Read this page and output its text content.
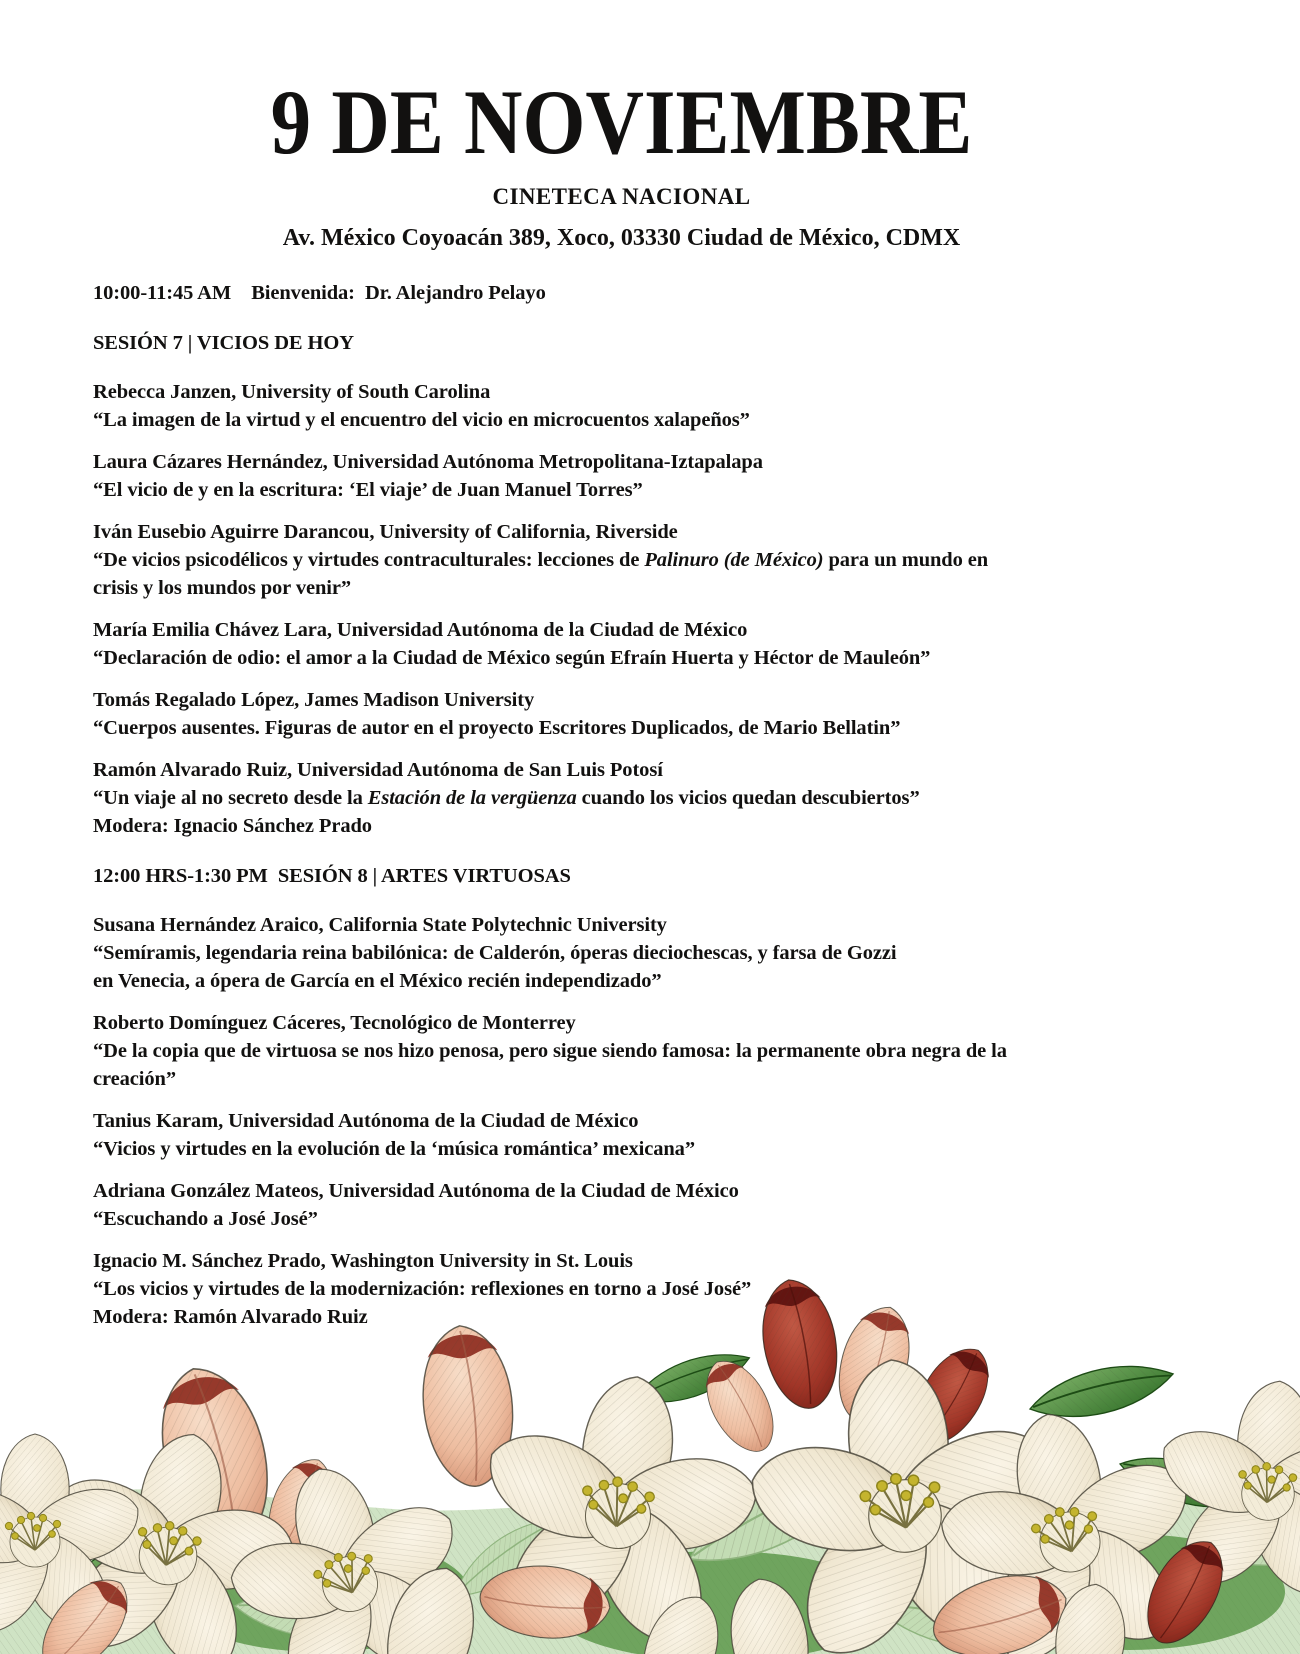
9 DE NOVIEMBRE
CINETECA NACIONAL
Av. México Coyoacán 389, Xoco, 03330 Ciudad de México, CDMX
10:00-11:45 AM    Bienvenida:  Dr. Alejandro Pelayo
SESIÓN 7 | VICIOS DE HOY
Rebecca Janzen, University of South Carolina
“La imagen de la virtud y el encuentro del vicio en microcuentos xalapeños”
Laura Cázares Hernández, Universidad Autónoma Metropolitana-Iztapalapa
“El vicio de y en la escritura: ‘El viaje’ de Juan Manuel Torres”
Iván Eusebio Aguirre Darancou, University of California, Riverside
“De vicios psicodélicos y virtudes contraculturales: lecciones de Palinuro (de México) para un mundo en
crisis y los mundos por venir”
María Emilia Chávez Lara, Universidad Autónoma de la Ciudad de México
“Declaración de odio: el amor a la Ciudad de México según Efraín Huerta y Héctor de Mauleón”
Tomás Regalado López, James Madison University
“Cuerpos ausentes. Figuras de autor en el proyecto Escritores Duplicados, de Mario Bellatin”
Ramón Alvarado Ruiz, Universidad Autónoma de San Luis Potosí
“Un viaje al no secreto desde la Estación de la vergüenza cuando los vicios quedan descubiertos”
Modera: Ignacio Sánchez Prado
12:00 HRS-1:30 PM  SESIÓN 8 | ARTES VIRTUOSAS
Susana Hernández Araico, California State Polytechnic University
“Semíramis, legendaria reina babilónica: de Calderón, óperas dieciochescas, y farsa de Gozzi
en Venecia, a ópera de García en el México recién independizado”
Roberto Domínguez Cáceres, Tecnológico de Monterrey
“De la copia que de virtuosa se nos hizo penosa, pero sigue siendo famosa: la permanente obra negra de la
creación”
Tanius Karam, Universidad Autónoma de la Ciudad de México
“Vicios y virtudes en la evolución de la ‘música romántica’ mexicana”
Adriana González Mateos, Universidad Autónoma de la Ciudad de México
“Escuchando a José José”
Ignacio M. Sánchez Prado, Washington University in St. Louis
“Los vicios y virtudes de la modernización: reflexiones en torno a José José”
Modera: Ramón Alvarado Ruiz
